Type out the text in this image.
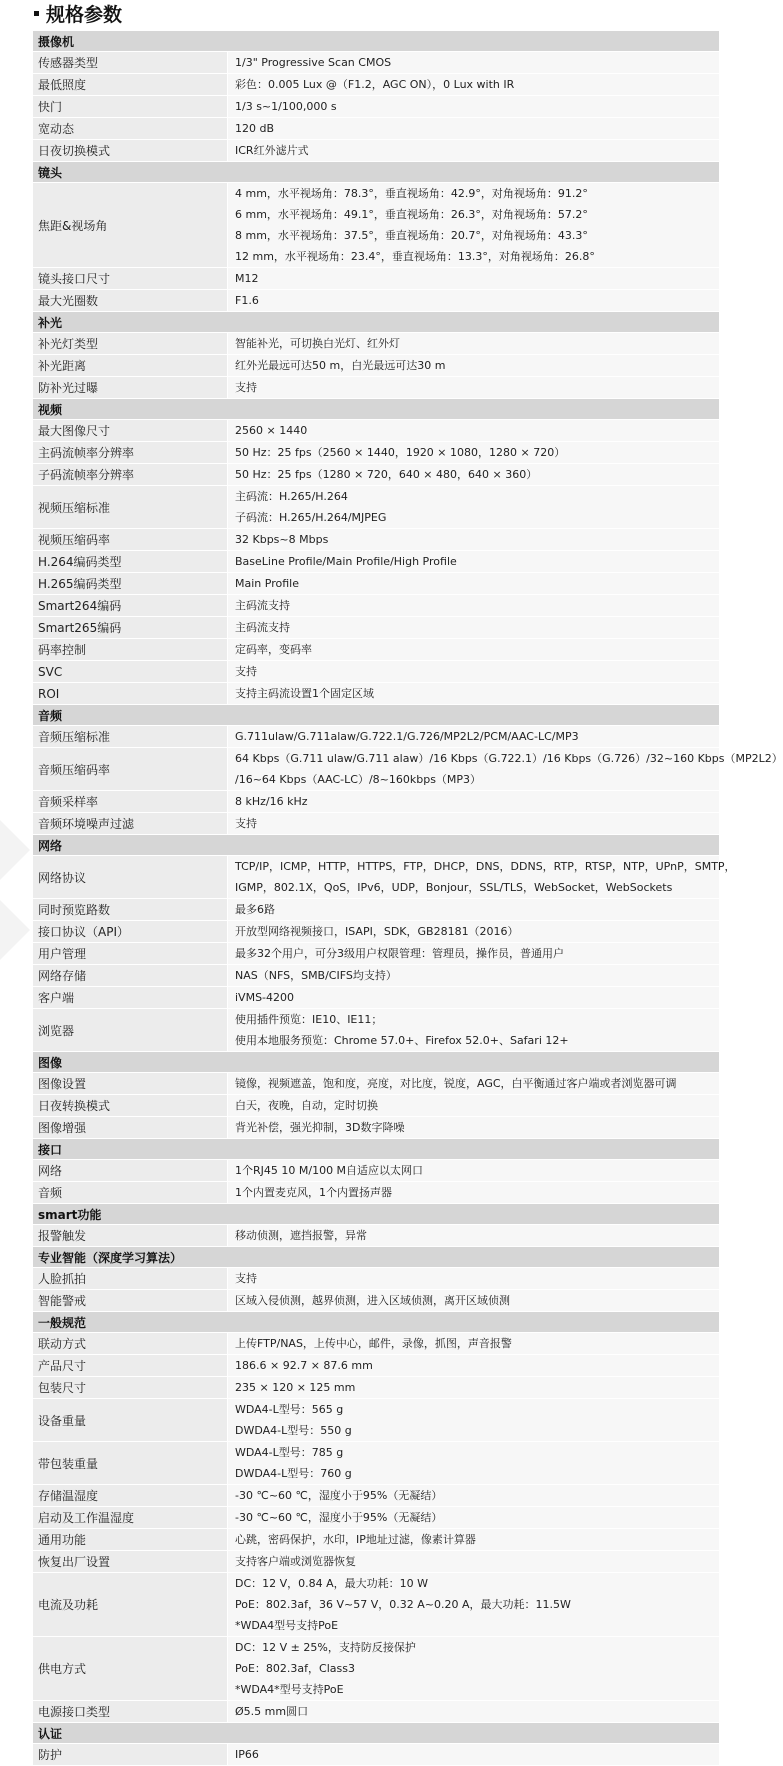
规格参数
摄像机	
传感器类型	1/3" Progressive Scan CMOS

最低照度	彩色：0.005 Lux @（F1.2，AGC ON），0 Lux with IR

快门	1/3 s~1/100,000 s

宽动态	120 dB

日夜切换模式	ICR红外滤片式

镜头	
焦距&视场角	4 mm，水平视场角：78.3°，垂直视场角：42.9°，对角视场角：91.2°
6 mm，水平视场角：49.1°，垂直视场角：26.3°，对角视场角：57.2°
8 mm，水平视场角：37.5°，垂直视场角：20.7°，对角视场角：43.3°
12 mm，水平视场角：23.4°，垂直视场角：13.3°，对角视场角：26.8°

镜头接口尺寸	M12

最大光圈数	F1.6

补光	
补光灯类型	智能补光，可切换白光灯、红外灯

补光距离	红外光最远可达50 m，白光最远可达30 m

防补光过曝	支持

视频	
最大图像尺寸	2560 × 1440

主码流帧率分辨率	50 Hz：25 fps（2560 × 1440，1920 × 1080，1280 × 720）

子码流帧率分辨率	50 Hz：25 fps（1280 × 720，640 × 480，640 × 360）

视频压缩标准	主码流：H.265/H.264
子码流：H.265/H.264/MJPEG

视频压缩码率	32 Kbps~8 Mbps

H.264编码类型	BaseLine Profile/Main Profile/High Profile

H.265编码类型	Main Profile

Smart264编码	主码流支持

Smart265编码	主码流支持

码率控制	定码率，变码率

SVC	支持

ROI	支持主码流设置1个固定区域

音频	
音频压缩标准	G.711ulaw/G.711alaw/G.722.1/G.726/MP2L2/PCM/AAC-LC/MP3

音频压缩码率	64 Kbps（G.711 ulaw/G.711 alaw）/16 Kbps（G.722.1）/16 Kbps（G.726）/32~160 Kbps（MP2L2）
/16~64 Kbps（AAC-LC）/8~160kbps（MP3）

音频采样率	8 kHz/16 kHz

音频环境噪声过滤	支持

网络	
网络协议	TCP/IP，ICMP，HTTP，HTTPS，FTP，DHCP，DNS，DDNS，RTP，RTSP，NTP，UPnP，SMTP，
IGMP，802.1X，QoS，IPv6，UDP，Bonjour，SSL/TLS，WebSocket，WebSockets

同时预览路数	最多6路

接口协议（API）	开放型网络视频接口，ISAPI，SDK，GB28181（2016）

用户管理	最多32个用户，可分3级用户权限管理：管理员，操作员，普通用户

网络存储	NAS（NFS，SMB/CIFS均支持）

客户端	iVMS-4200

浏览器	使用插件预览：IE10、IE11；
使用本地服务预览：Chrome 57.0+、Firefox 52.0+、Safari 12+

图像	
图像设置	镜像，视频遮盖，饱和度，亮度，对比度，锐度，AGC，白平衡通过客户端或者浏览器可调

日夜转换模式	白天，夜晚，自动，定时切换

图像增强	背光补偿，强光抑制，3D数字降噪

接口	
网络	1个RJ45 10 M/100 M自适应以太网口

音频	1个内置麦克风，1个内置扬声器

smart功能	
报警触发	移动侦测，遮挡报警，异常

专业智能（深度学习算法）	
人脸抓拍	支持

智能警戒	区域入侵侦测，越界侦测，进入区域侦测，离开区域侦测

一般规范	
联动方式	上传FTP/NAS，上传中心，邮件，录像，抓图，声音报警

产品尺寸	186.6 × 92.7 × 87.6 mm

包装尺寸	235 × 120 × 125 mm

设备重量	WDA4-L型号：565 g
DWDA4-L型号：550 g

带包装重量	WDA4-L型号：785 g
DWDA4-L型号：760 g

存储温湿度	-30 ℃~60 ℃，湿度小于95%（无凝结）

启动及工作温湿度	-30 ℃~60 ℃，湿度小于95%（无凝结）

通用功能	心跳，密码保护，水印，IP地址过滤，像素计算器

恢复出厂设置	支持客户端或浏览器恢复

电流及功耗	DC：12 V，0.84 A，最大功耗：10 W
PoE：802.3af，36 V~57 V，0.32 A~0.20 A，最大功耗：11.5W
*WDA4型号支持PoE

供电方式	DC：12 V ± 25%，支持防反接保护
PoE：802.3af，Class3
*WDA4*型号支持PoE

电源接口类型	Ø5.5 mm圆口

认证	
防护	IP66
